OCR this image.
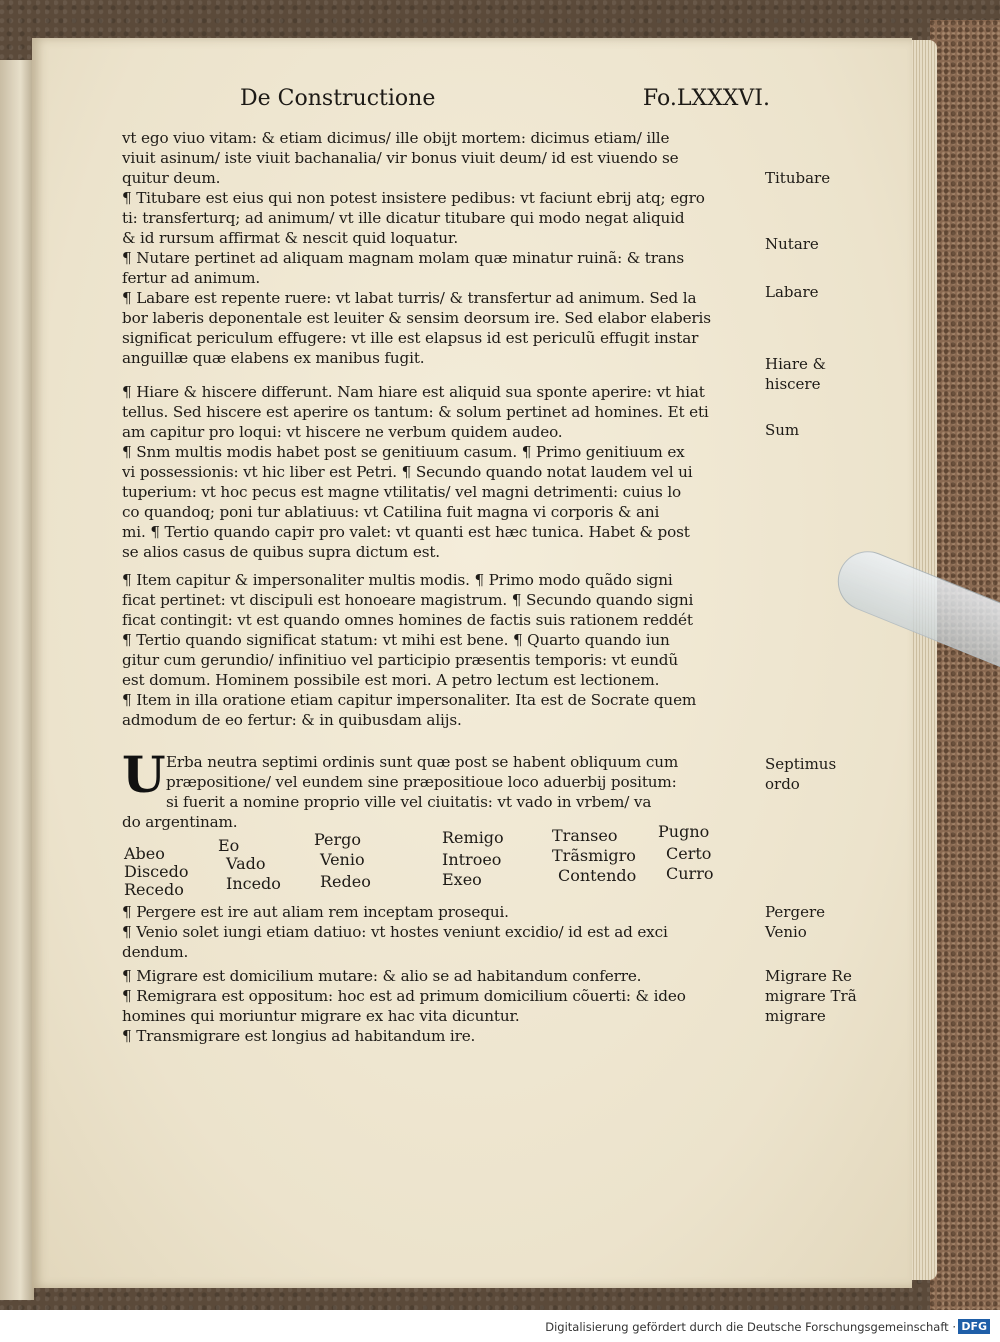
De Constructione	Fo.LXXXVI.
vt ego viuo vitam: & etiam dicimus/ ille obijt mortem: dicimus etiam/ ille
viuit asinum/ iste viuit bachanalia/ vir bonus viuit deum/ id est viuendo se
quitur deum.
¶ Titubare est eius qui non potest insistere pedibus: vt faciunt ebrij atq; egro
ti: transferturq; ad animum/ vt ille dicatur titubare qui modo negat aliquid
& id rursum affirmat & nescit quid loquatur.
¶ Nutare pertinet ad aliquam magnam molam quæ minatur ruinã: & trans
fertur ad animum.
¶ Labare est repente ruere: vt labat turris/ & transfertur ad animum. Sed la
bor laberis deponentale est leuiter & sensim deorsum ire. Sed elabor elaberis
significat periculum effugere: vt ille est elapsus id est periculũ effugit instar
anguillæ quæ elabens ex manibus fugit.
¶ Hiare & hiscere differunt. Nam hiare est aliquid sua sponte aperire: vt hiat
tellus. Sed hiscere est aperire os tantum: & solum pertinet ad homines. Et eti
am capitur pro loqui: vt hiscere ne verbum quidem audeo.
¶ Snm multis modis habet post se genitiuum casum. ¶ Primo genitiuum ex
vi possessionis: vt hic liber est Petri. ¶ Secundo quando notat laudem vel ui
tuperium: vt hoc pecus est magne vtilitatis/ vel magni detrimenti: cuius lo
co quandoq; poni tur ablatiuus: vt Catilina fuit magna vi corporis & ani
mi. ¶ Tertio quando capiт pro valet: vt quanti est hæc tunica. Habet & post
se alios casus de quibus supra dictum est.
¶ Item capitur & impersonaliter multis modis. ¶ Primo modo quãdo signi
ficat pertinet: vt discipuli est honoeare magistrum. ¶ Secundo quando signi
ficat contingit: vt est quando omnes homines de factis suis rationem reddét
¶ Tertio quando significat statum: vt mihi est bene. ¶ Quarto quando iun
gitur cum gerundio/ infinitiuo vel participio præsentis temporis: vt eundũ
est domum. Hominem possibile est mori. A petro lectum est lectionem.
¶ Item in illa oratione etiam capitur impersonaliter. Ita est de Socrate quem
admodum de eo fertur: & in quibusdam alijs.
U Erba neutra septimi ordinis sunt quæ post se habent obliquum cum
præpositione/ vel eundem sine præpositioue loco aduerbij positum:
si fuerit a nomine proprio ville vel ciuitatis: vt vado in vrbem/ va
do argentinam.
Abeo
Discedo
Recedo
Eo
Vado
Incedo
Pergo
Venio
Redeo
Remigo
Introeo
Exeo
Transeo
Trãsmigro
Contendo
Pugno
Certo
Curro
¶ Pergere est ire aut aliam rem inceptam prosequi.
¶ Venio solet iungi etiam datiuo: vt hostes veniunt excidio/ id est ad exci
dendum.
¶ Migrare est domicilium mutare: & alio se ad habitandum conferre.
¶ Remigrara est oppositum: hoc est ad primum domicilium cõuerti: & ideo
homines qui moriuntur migrare ex hac vita dicuntur.
¶ Transmigrare est longius ad habitandum ire.
Titubare
Nutare
Labare
Hiare &
hiscere
Sum
Septimus
ordo
Pergere
Venio
Migrare Re
migrare Trã
migrare
Digitalisierung gefördert durch die Deutsche Forschungsgemeinschaft · DFG
